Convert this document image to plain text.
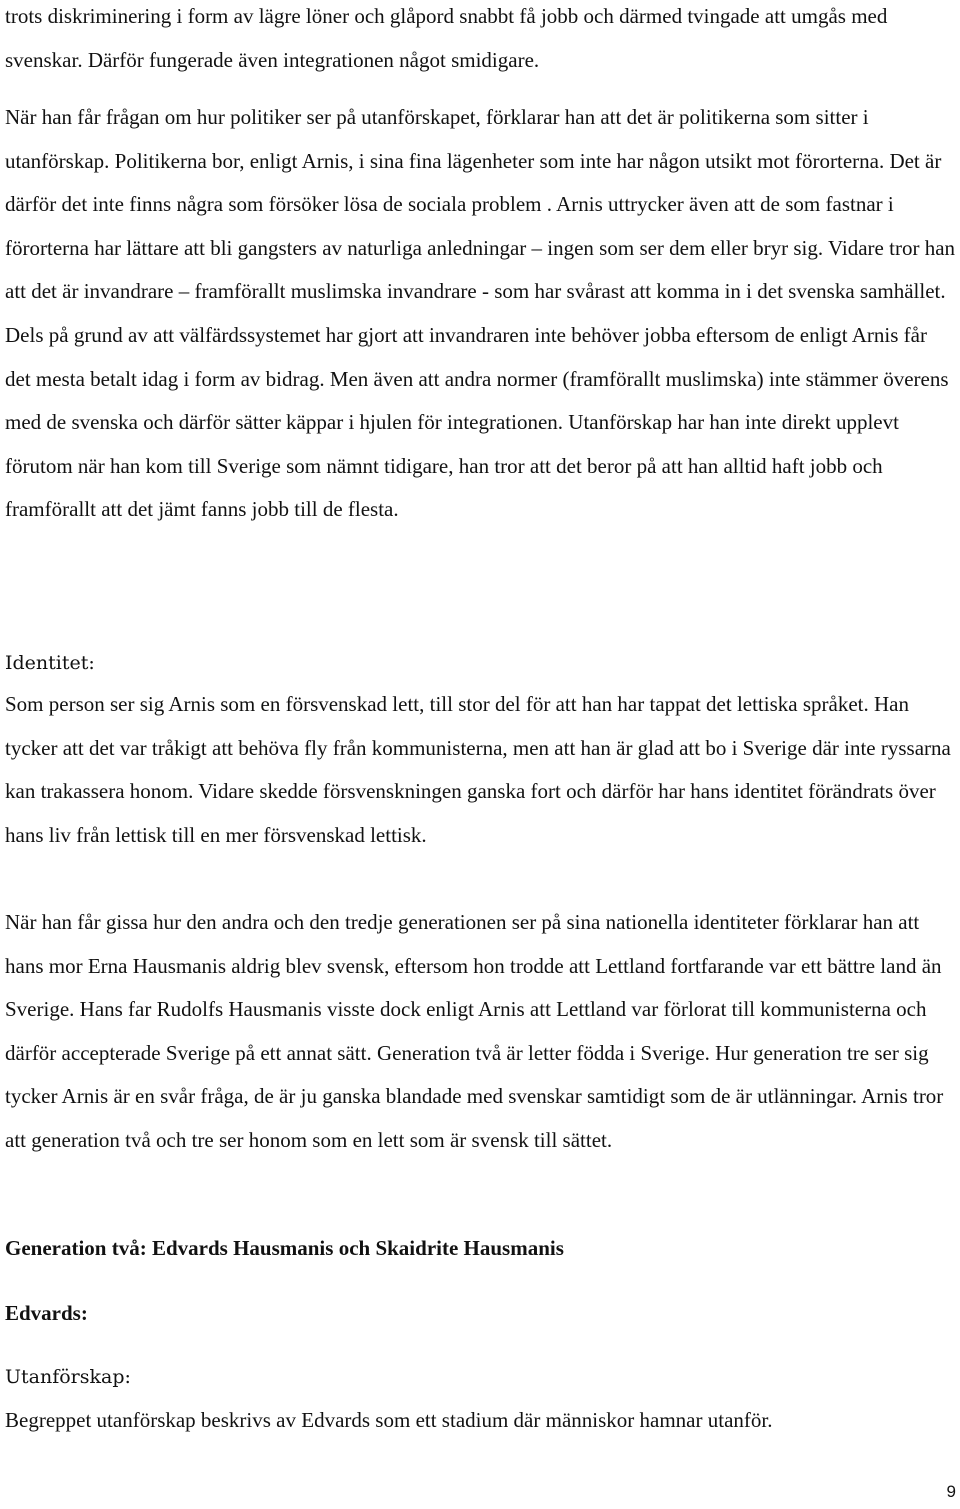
trots diskriminering i form av lägre löner och glåpord snabbt få jobb och därmed tvingade att umgås med svenskar. Därför fungerade även integrationen något smidigare.

När han får frågan om hur politiker ser på utanförskapet, förklarar han att det är politikerna som sitter i utanförskap. Politikerna bor, enligt Arnis, i sina fina lägenheter som inte har någon utsikt mot förorterna. Det är därför det inte finns några som försöker lösa de sociala problem . Arnis uttrycker även att de som fastnar i förorterna har lättare att bli gangsters av naturliga anledningar – ingen som ser dem eller bryr sig. Vidare tror han att det är invandrare – framförallt muslimska invandrare - som har svårast att komma in i det svenska samhället. Dels på grund av att välfärdssystemet har gjort att invandraren inte behöver jobba eftersom de enligt Arnis får det mesta betalt idag i form av bidrag. Men även att andra normer (framförallt muslimska) inte stämmer överens med de svenska och därför sätter käppar i hjulen för integrationen. Utanförskap har han inte direkt upplevt förutom när han kom till Sverige som nämnt tidigare, han tror att det beror på att han alltid haft jobb och framförallt att det jämt fanns jobb till de flesta.

Identitet:

Som person ser sig Arnis som en försvenskad lett, till stor del för att han har tappat det lettiska språket. Han tycker att det var tråkigt att behöva fly från kommunisterna, men att han är glad att bo i Sverige där inte ryssarna kan trakassera honom. Vidare skedde försvenskningen ganska fort och därför har hans identitet förändrats över hans liv från lettisk till en mer försvenskad lettisk.

När han får gissa hur den andra och den tredje generationen ser på sina nationella identiteter förklarar han att hans mor Erna Hausmanis aldrig blev svensk, eftersom hon trodde att Lettland fortfarande var ett bättre land än Sverige. Hans far Rudolfs Hausmanis visste dock enligt Arnis att Lettland var förlorat till kommunisterna och därför accepterade Sverige på ett annat sätt. Generation två är letter födda i Sverige. Hur generation tre ser sig tycker Arnis är en svår fråga, de är ju ganska blandade med svenskar samtidigt som de är utlänningar. Arnis tror att generation två och tre ser honom som en lett som är svensk till sättet.

Generation två: Edvards Hausmanis och Skaidrite Hausmanis

Edvards:

Utanförskap:

Begreppet utanförskap beskrivs av Edvards som ett stadium där människor hamnar utanför.

9
